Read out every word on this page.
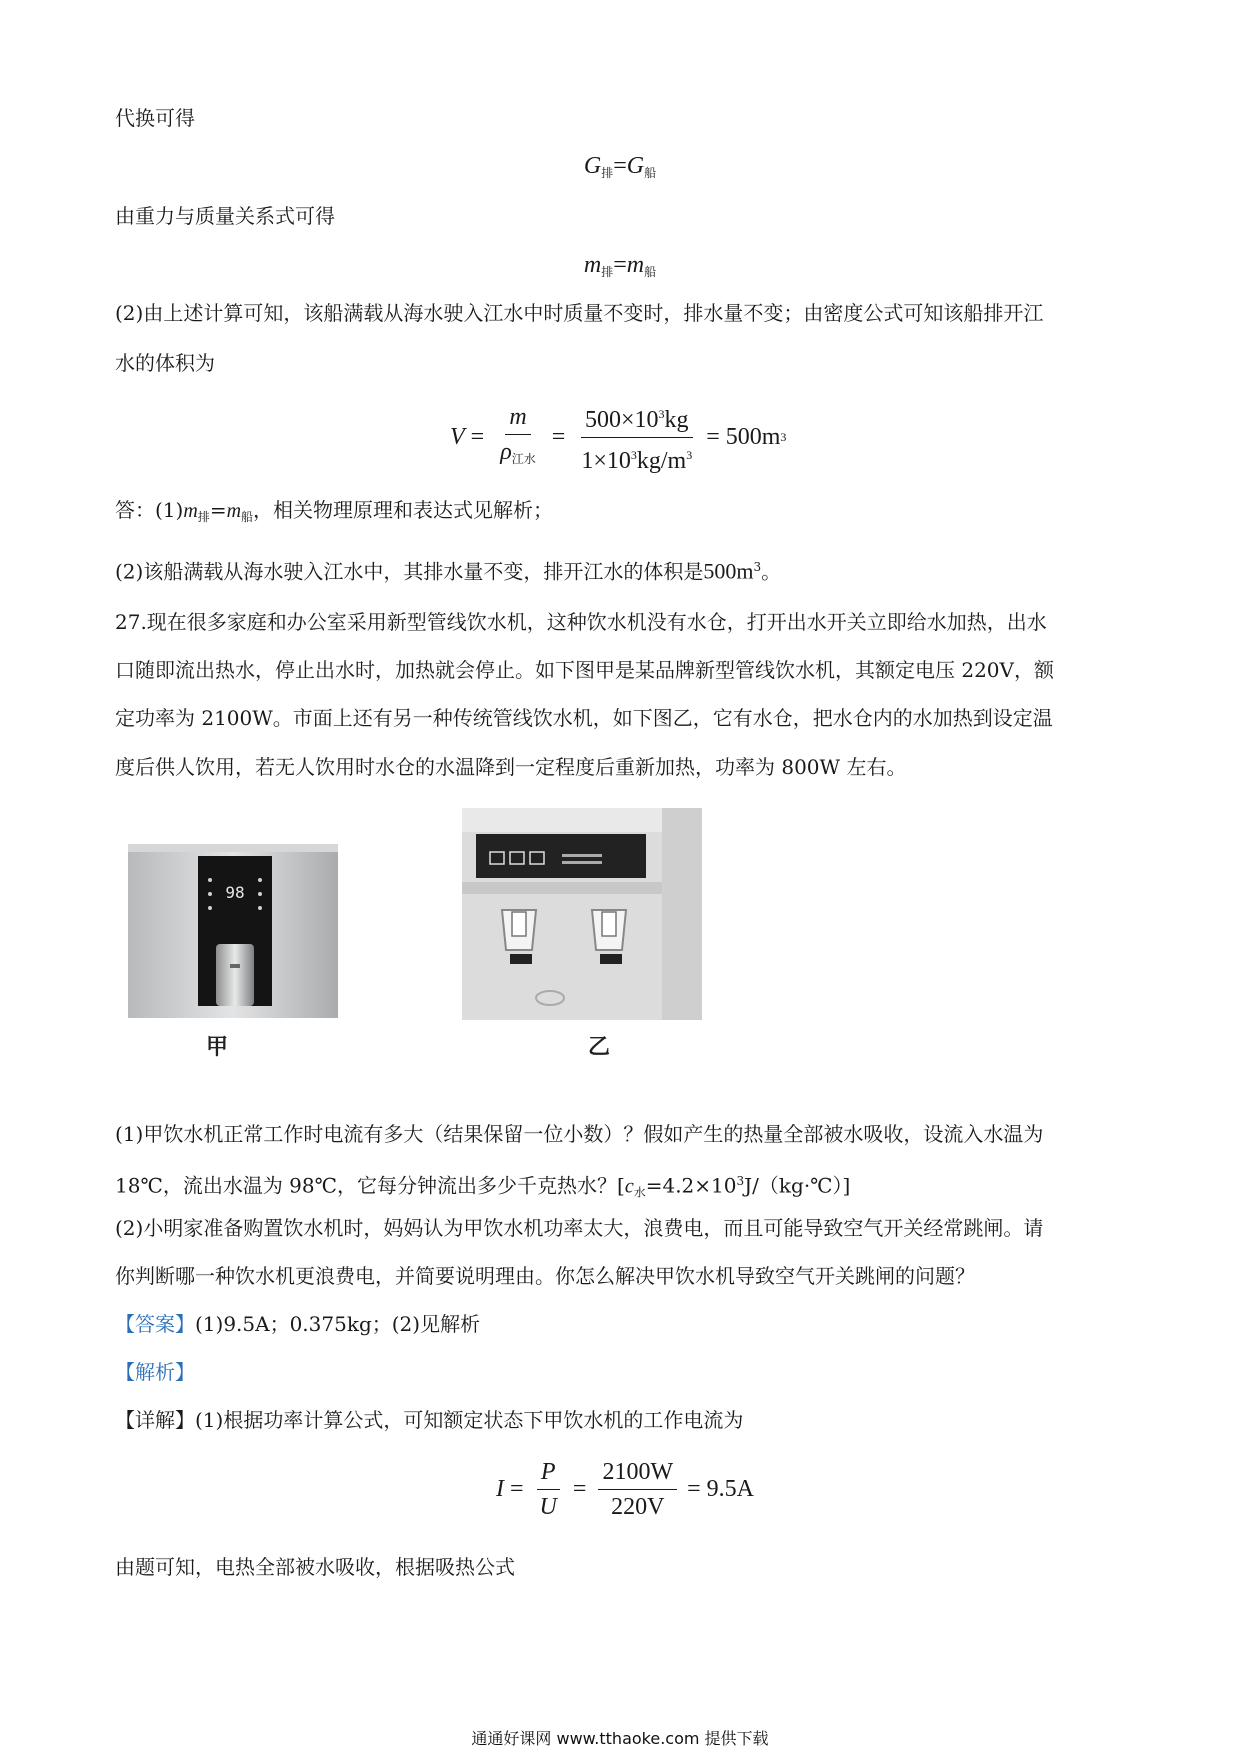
代换可得
$G_排=G_船$
由重力与质量关系式可得
$m_排=m_船$
(2)由上述计算可知，该船满载从海水驶入江水中时质量不变时，排水量不变；由密度公式可知该船排开江
水的体积为
$V = \frac{m}{\rho_{江水}} = \frac{500\times 10^3kg}{1\times 10^3kg/m^3} = 500m$ 3
答：$(1)m_排=m_船$，相关物理原理和表达式见解析；
(2)该船满载从海水驶入江水中，其排水量不变，排开江水的体积是$500m^3$。
27.现在很多家庭和办公室采用新型管线饮水机，这种饮水机没有水仓，打开出水开关立即给水加热，出水
口随即流出热水，停止出水时，加热就会停止。如下图甲是某品牌新型管线饮水机，其额定电压 220V，额
定功率为 2100W。市面上还有另一种传统管线饮水机，如下图乙，它有水仓，把水仓内的水加热到设定温
度后供人饮用，若无人饮用时水仓的水温降到一定程度后重新加热，功率为 800W 左右。
98
甲	乙
(1)甲饮水机正常工作时电流有多大（结果保留一位小数）？假如产生的热量全部被水吸收，设流入水温为
18℃，流出水温为 98℃，它每分钟流出多少千克热水？$[c_水=4.2\times 10^3J/(kg\cdot℃)]$
(2)小明家准备购置饮水机时，妈妈认为甲饮水机功率太大，浪费电，而且可能导致空气开关经常跳闸。请
你判断哪一种饮水机更浪费电，并简要说明理由。你怎么解决甲饮水机导致空气开关跳闸的问题？
【答案】(1)9.5A；0.375kg；(2)见解析
【解析】
【详解】(1)根据功率计算公式，可知额定状态下甲饮水机的工作电流为
$I = \frac{P}{U} = \frac{2100W}{220V} = 9.5A$
由题可知，电热全部被水吸收，根据吸热公式
通通好课网 www.tthaoke.com 提供下载
